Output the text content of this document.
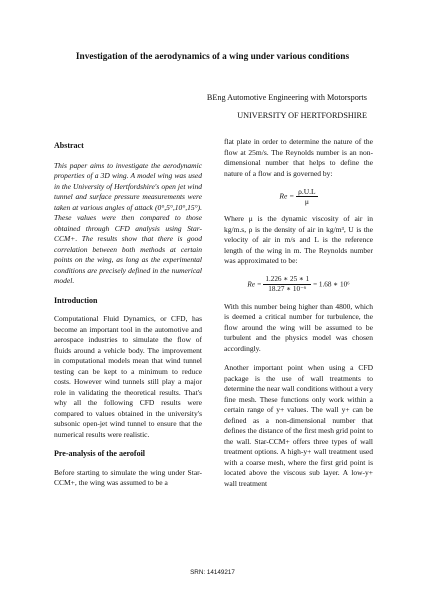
Investigation of the aerodynamics of a wing under various conditions
BEng Automotive Engineering with Motorsports
UNIVERSITY OF HERTFORDSHIRE
Abstract

This paper aims to investigate the aerodynamic properties of a 3D wing. A model wing was used in the University of Hertfordshire's open jet wind tunnel and surface pressure measurements were taken at various angles of attack (0°,5°,10°,15°). These values were then compared to those obtained through CFD analysis using Star-CCM+. The results show that there is good correlation between both methods at certain points on the wing, as long as the experimental conditions are precisely defined in the numerical model.

Introduction

Computational Fluid Dynamics, or CFD, has become an important tool in the automotive and aerospace industries to simulate the flow of fluids around a vehicle body. The improvement in computational models mean that wind tunnel testing can be kept to a minimum to reduce costs. However wind tunnels still play a major role in validating the theoretical results. That's why all the following CFD results were compared to values obtained in the university's subsonic open-jet wind tunnel to ensure that the numerical results were realistic.

Pre-analysis of the aerofoil

Before starting to simulate the wing under Star-CCM+, the wing was assumed to be a

flat plate in order to determine the nature of the flow at 25m/s. The Reynolds number is an non-dimensional number that helps to define the nature of a flow and is governed by:

$Re = \frac{\rho.U.L}{\mu}$

Where μ is the dynamic viscosity of air in kg/m.s, ρ is the density of air in kg/m³, U is the velocity of air in m/s and L is the reference length of the wing in m. The Reynolds number was approximated to be:

$Re = \frac{1.226 ∗ 25 ∗ 1}{\text{18.27 ∗ 10⁻⁶}} = 1.68$ ∗ 10⁶

With this number being higher than 4800, which is deemed a critical number for turbulence, the flow around the wing will be assumed to be turbulent and the physics model was chosen accordingly.

Another important point when using a CFD package is the use of wall treatments to determine the near wall conditions without a very fine mesh. These functions only work within a certain range of y+ values. The wall y+ can be defined as a non-dimensional number that defines the distance of the first mesh grid point to the wall. Star-CCM+ offers three types of wall treatment options. A high-y+ wall treatment used with a coarse mesh, where the first grid point is located above the viscous sub layer. A low-y+ wall treatment

SRN: 14149217
